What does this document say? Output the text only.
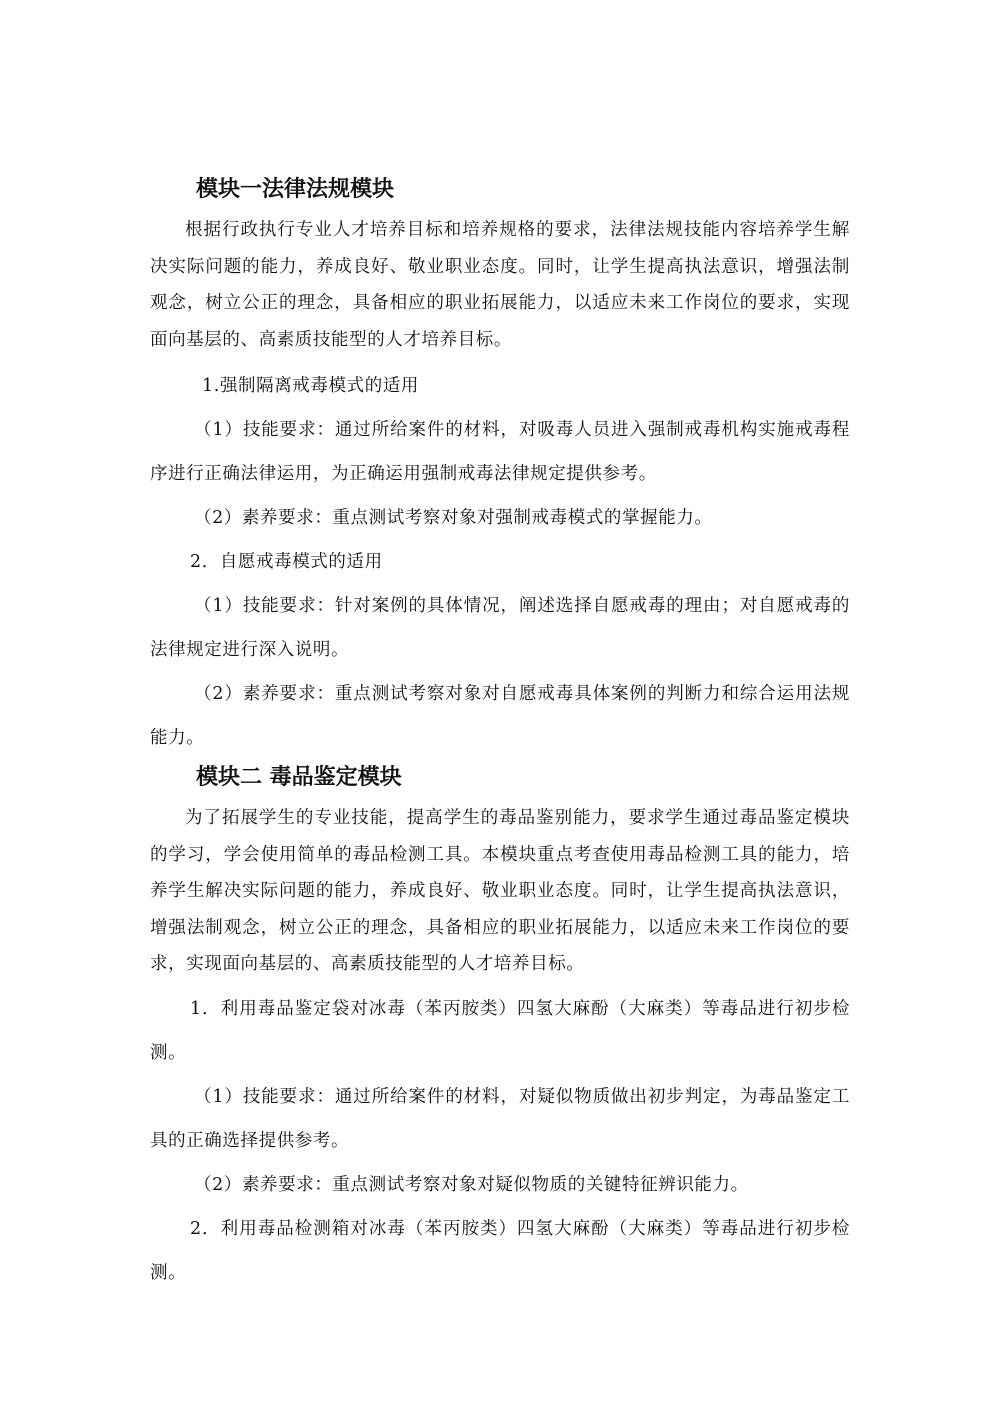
模块一法律法规模块

根据行政执行专业人才培养目标和培养规格的要求，法律法规技能内容培养学生解决实际问题的能力，养成良好、敬业职业态度。同时，让学生提高执法意识，增强法制观念，树立公正的理念，具备相应的职业拓展能力，以适应未来工作岗位的要求，实现面向基层的、高素质技能型的人才培养目标。

1.强制隔离戒毒模式的适用

（1）技能要求：通过所给案件的材料，对吸毒人员进入强制戒毒机构实施戒毒程序进行正确法律运用，为正确运用强制戒毒法律规定提供参考。

（2）素养要求：重点测试考察对象对强制戒毒模式的掌握能力。

2．自愿戒毒模式的适用

（1）技能要求：针对案例的具体情况，阐述选择自愿戒毒的理由；对自愿戒毒的法律规定进行深入说明。

（2）素养要求：重点测试考察对象对自愿戒毒具体案例的判断力和综合运用法规能力。

模块二 毒品鉴定模块

为了拓展学生的专业技能，提高学生的毒品鉴别能力，要求学生通过毒品鉴定模块的学习，学会使用简单的毒品检测工具。本模块重点考查使用毒品检测工具的能力，培养学生解决实际问题的能力，养成良好、敬业职业态度。同时，让学生提高执法意识，增强法制观念，树立公正的理念，具备相应的职业拓展能力，以适应未来工作岗位的要求，实现面向基层的、高素质技能型的人才培养目标。

1．利用毒品鉴定袋对冰毒（苯丙胺类）四氢大麻酚（大麻类）等毒品进行初步检测。

（1）技能要求：通过所给案件的材料，对疑似物质做出初步判定，为毒品鉴定工具的正确选择提供参考。

（2）素养要求：重点测试考察对象对疑似物质的关键特征辨识能力。

2．利用毒品检测箱对冰毒（苯丙胺类）四氢大麻酚（大麻类）等毒品进行初步检测。
